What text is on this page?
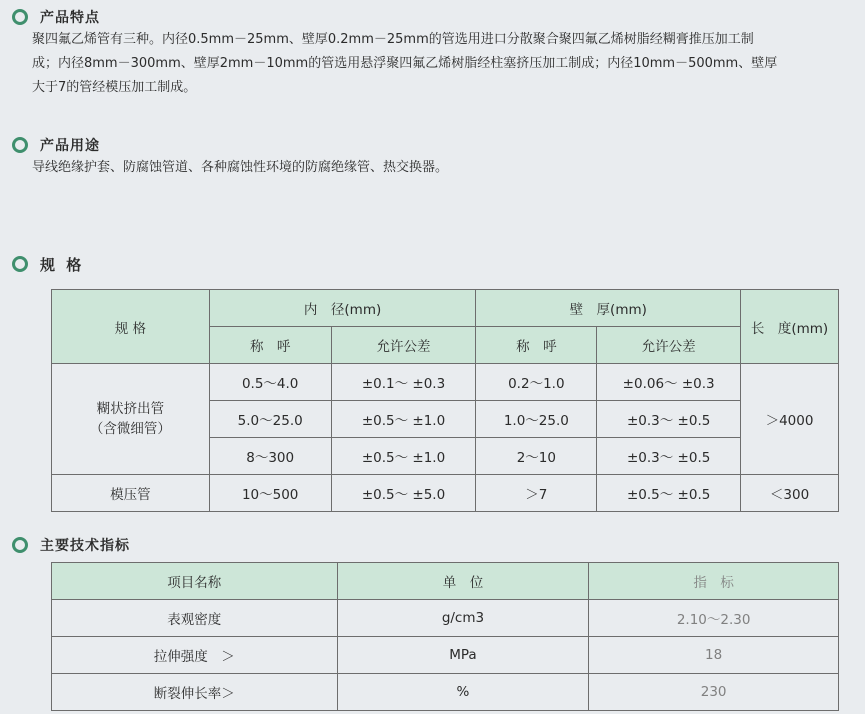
产品特点
聚四氟乙烯管有三种。内径0.5mm－25mm、壁厚0.2mm－25mm的管选用进口分散聚合聚四氟乙烯树脂经糊膏推压加工制
成；内径8mm－300mm、壁厚2mm－10mm的管选用悬浮聚四氟乙烯树脂经柱塞挤压加工制成；内径10mm－500mm、壁厚
大于7的管经模压加工制成。
产品用途
导线绝缘护套、防腐蚀管道、各种腐蚀性环境的防腐绝缘管、热交换器。
规 格
规 格	内　径(mm)		壁　厚(mm)		长　度(mm)
	称　呼	允许公差	称　呼	允许公差	
糊状挤出管
（含微细管）	0.5～4.0	±0.1～ ±0.3	0.2～1.0	±0.06～ ±0.3	＞4000
	5.0～25.0	±0.5～ ±1.0	1.0～25.0	±0.3～ ±0.5	
	8～300	±0.5～ ±1.0	2～10	±0.3～ ±0.5	
模压管	10～500	±0.5～ ±5.0	＞7	±0.5～ ±0.5	＜300
主要技术指标
项目名称	单　位	指　标
表观密度	g/cm3	2.10～2.30
拉伸强度　＞	MPa	18
断裂伸长率＞	%	230
